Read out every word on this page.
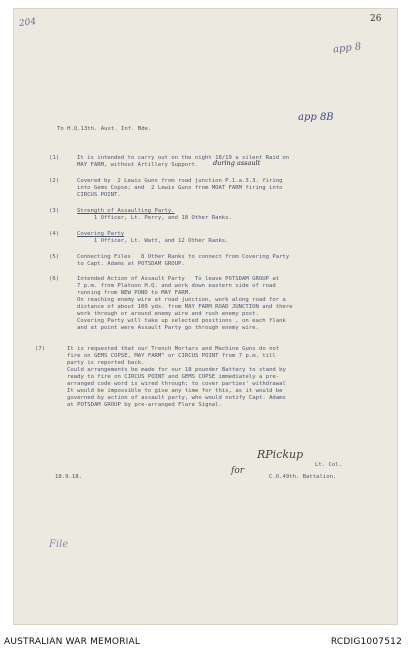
26
204
app 8
app 8B
To H.Q.13th. Aust. Inf. Bde.
(1)	It is intended to carry out on the night 18/19 a silent Raid on
MAY FARM, without Artillery Support. during assault
(2)	Covered by  2 Lewis Guns from road junction P.1.a.3.3. firing
into Gems Copse; and  2 Lewis Guns from MOAT FARM firing into
CIRCUS POINT.
(3)	Strength of Assaulting Party.
1 Officer, Lt. Perry, and 18 Other Ranks.
(4)	Covering Party
1 Officer, Lt. Watt, and 12 Other Ranks.
(5)	Connecting Files   8 Other Ranks to connect from Covering Party
to Capt. Adams at POTSDAM GROUP.
(6)	Intended Action of Assault Party   To leave POTSDAM GROUP at
7 p.m. from Platoon H.Q. and work down eastern side of road
running from NEW POND to MAY FARM.
On reaching enemy wire at road junction, work along road for a
distance of about 100 yds. from MAY FARM ROAD JUNCTION and there
work through or around enemy wire and rush enemy post.
Covering Party will take up selected positions , on each flank
and at point were Assault Party go through enemy wire.
(7)	It is requested that our Trench Mortars and Machine Guns do not
fire on GEMS COPSE, MAY FARM" or CIRCUS POINT from 7 p.m. till
party is reported back.
Could arrangements be made for our 18 pounder Battery to stand by
ready to fire on CIRCUS POINT and GEMS COPSE immediately a pre-
arranged code word is wired through; to cover parties' withdrawal
It would be impossible to give any time for this, as it would be
governed by action of assault party, who would notify Capt. Adams
at POTSDAM GROUP by pre-arranged Flare Signal.
RPickup
for
Lt. Col.
18.9.18.	C.O.49th. Battalion.
File
AUSTRALIAN WAR MEMORIAL	RCDIG1007512
